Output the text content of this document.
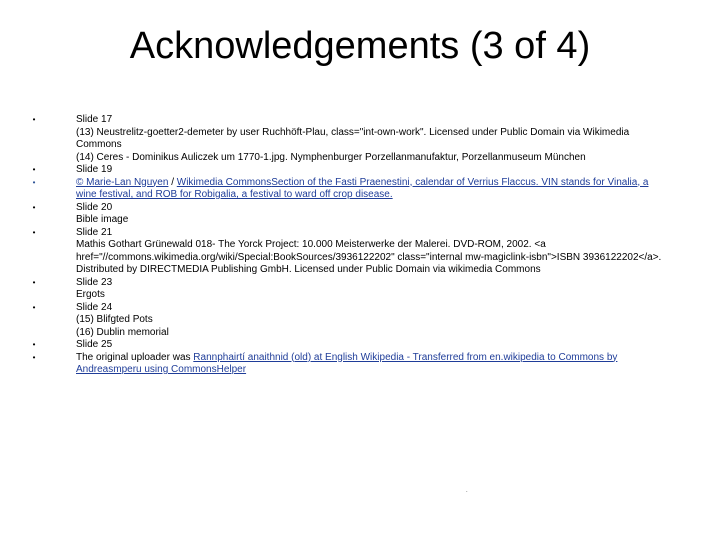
Acknowledgements (3 of 4)
•	Slide 17
(13) Neustrelitz-goetter2-demeter by user Ruchhöft-Plau, class="int-own-work". Licensed under Public Domain via Wikimedia Commons
(14) Ceres - Dominikus Auliczek um 1770-1.jpg. Nymphenburger Porzellanmanufaktur, Porzellanmuseum München
•	Slide 19
•	© Marie-Lan Nguyen / Wikimedia CommonsSection of the Fasti Praenestini, calendar of Verrius Flaccus. VIN stands for Vinalia, a wine festival, and ROB for Robigalia, a festival to ward off crop disease.
•	Slide 20
Bible image
•	Slide 21
Mathis Gothart Grünewald 018- The Yorck Project: 10.000 Meisterwerke der Malerei. DVD-ROM, 2002. <a href="//commons.wikimedia.org/wiki/Special:BookSources/3936122202" class="internal mw-magiclink-isbn">ISBN 3936122202</a>. Distributed by DIRECTMEDIA Publishing GmbH. Licensed under Public Domain via wikimedia Commons
•	Slide 23
Ergots
•	Slide 24
(15) Blifgted Pots
(16) Dublin memorial
•	Slide 25
•	The original uploader was Rannphairtí anaithnid (old) at English Wikipedia - Transferred from en.wikipedia to Commons by Andreasmperu using CommonsHelper
.
